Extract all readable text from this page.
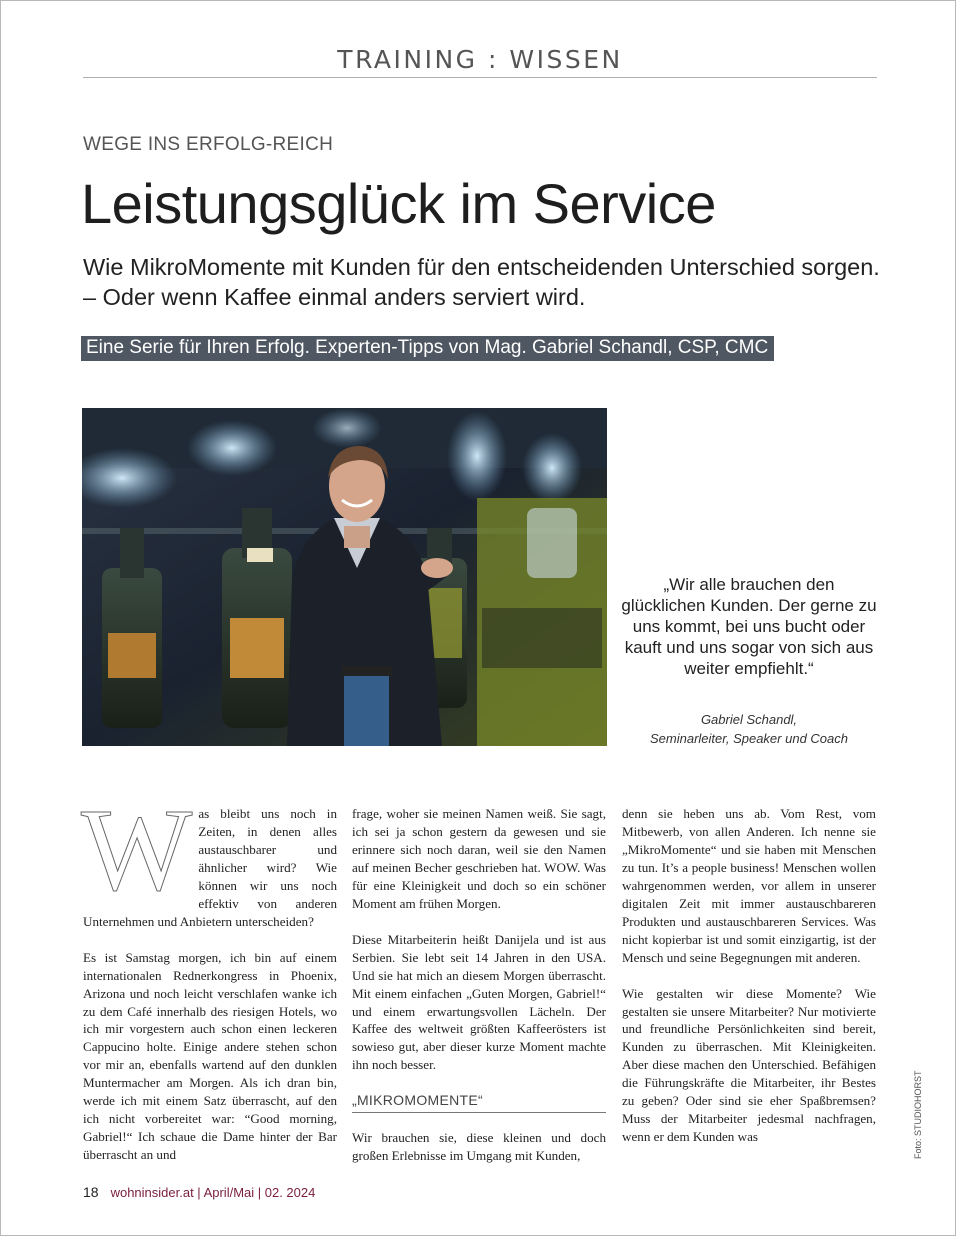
TRAINING : WISSEN
WEGE INS ERFOLG-REICH
Leistungsglück im Service

Wie MikroMomente mit Kunden für den entscheidenden Unterschied sorgen. – Oder wenn Kaffee einmal anders serviert wird.

Eine Serie für Ihren Erfolg. Experten-Tipps von Mag. Gabriel Schandl, CSP, CMC

„Wir alle brauchen den glücklichen Kunden. Der gerne zu uns kommt, bei uns bucht oder kauft und uns sogar von sich aus weiter empfiehlt.“

Gabriel Schandl,
Seminarleiter, Speaker und Coach

Was bleibt uns noch in Zeiten, in denen alles austauschbarer und ähnlicher wird? Wie können wir uns noch effektiv von anderen Unternehmen und Anbietern unterscheiden?

Es ist Samstag morgen, ich bin auf einem internationalen Rednerkongress in Phoenix, Arizona und noch leicht verschlafen wanke ich zu dem Café innerhalb des riesigen Hotels, wo ich mir vorgestern auch schon einen leckeren Cappucino holte. Einige andere stehen schon vor mir an, ebenfalls wartend auf den dunklen Muntermacher am Morgen. Als ich dran bin, werde ich mit einem Satz überrascht, auf den ich nicht vorbereitet war: “Good morning, Gabriel!“ Ich schaue die Dame hinter der Bar überrascht an und

frage, woher sie meinen Namen weiß. Sie sagt, ich sei ja schon gestern da gewesen und sie erinnere sich noch daran, weil sie den Namen auf meinen Becher geschrieben hat. WOW. Was für eine Kleinigkeit und doch so ein schöner Moment am frühen Morgen.

Diese Mitarbeiterin heißt Danijela und ist aus Serbien. Sie lebt seit 14 Jahren in den USA. Und sie hat mich an diesem Morgen überrascht. Mit einem einfachen „Guten Morgen, Gabriel!“ und einem erwartungsvollen Lächeln. Der Kaffee des weltweit größten Kaffeerösters ist sowieso gut, aber dieser kurze Moment machte ihn noch besser.

„MIKROMOMENTE“

Wir brauchen sie, diese kleinen und doch großen Erlebnisse im Umgang mit Kunden,

denn sie heben uns ab. Vom Rest, vom Mitbewerb, von allen Anderen. Ich nenne sie „MikroMomente“ und sie haben mit Menschen zu tun. It’s a people business! Menschen wollen wahrgenommen werden, vor allem in unserer digitalen Zeit mit immer austauschbareren Produkten und austauschbareren Services. Was nicht kopierbar ist und somit einzigartig, ist der Mensch und seine Begegnungen mit anderen.

Wie gestalten wir diese Momente? Wie gestalten sie unsere Mitarbeiter? Nur motivierte und freundliche Persönlichkeiten sind bereit, Kunden zu überraschen. Mit Kleinigkeiten. Aber diese machen den Unterschied. Befähigen die Führungskräfte die Mitarbeiter, ihr Bestes zu geben? Oder sind sie eher Spaßbremsen? Muss der Mitarbeiter jedesmal nachfragen, wenn er dem Kunden was	Foto: STUDIOHORST
18 wohninsider.at | April/Mai | 02. 2024
